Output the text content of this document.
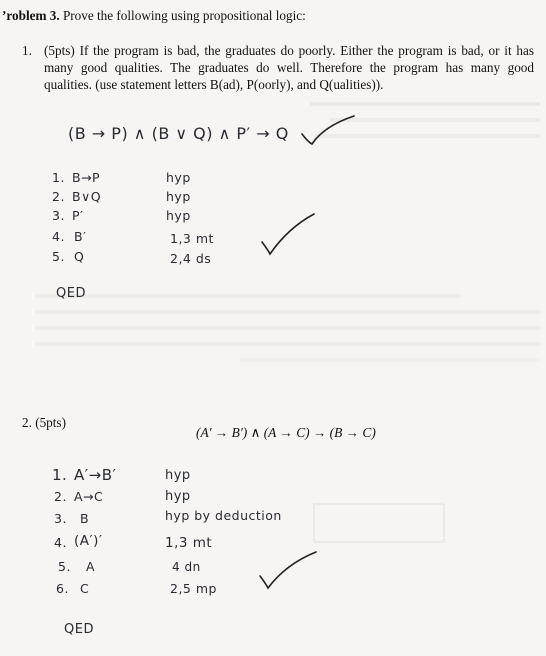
’roblem 3. Prove the following using propositional logic:
1. (5pts) If the program is bad, the graduates do poorly. Either the program is bad, or it has many good qualities. The graduates do well. Therefore the program has many good qualities. (use statement letters B(ad), P(oorly), and Q(ualities)).
(B → P) ∧ (B ∨ Q) ∧ P′ → Q
1. B→P	hyp
2. B∨Q	hyp
3. P′	hyp
4. B′	1,3 mt
5. Q	2,4 ds
QED
2. (5pts)
(A′ → B′) ∧ (A → C) → (B → C)
1. A′→B′	hyp
2. A→C	hyp
3. B	hyp by deduction
4. (A′)′	1,3 mt
5. A	4 dn
6. C	2,5 mp
QED
